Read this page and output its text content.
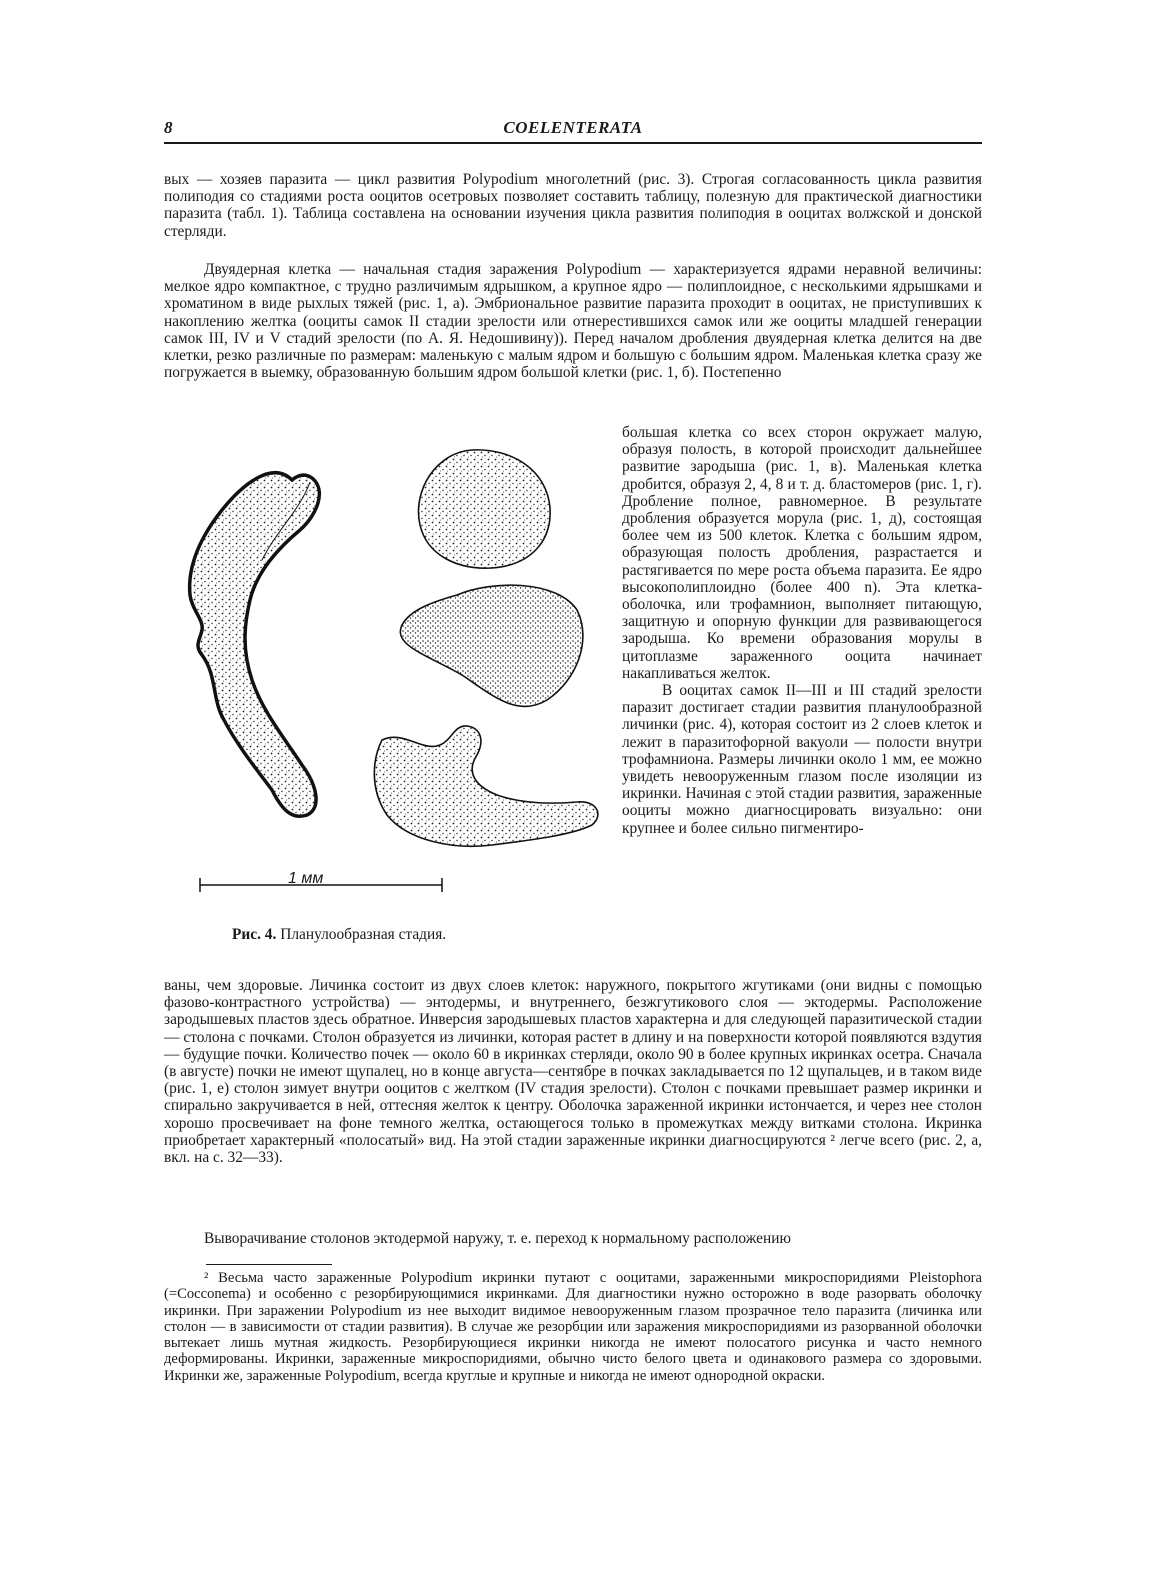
8	COELENTERATA

вых — хозяев паразита — цикл развития Polypodium многолетний (рис. 3). Строгая согласованность цикла развития полиподия со стадиями роста ооцитов осетровых позволяет составить таблицу, полезную для практической диагностики паразита (табл. 1). Таблица составлена на основании изучения цикла развития полиподия в ооцитах волжской и донской стерляди.

Двуядерная клетка — начальная стадия заражения Polypodium — характеризуется ядрами неравной величины: мелкое ядро компактное, с трудно различимым ядрышком, а крупное ядро — полиплоидное, с несколькими ядрышками и хроматином в виде рыхлых тяжей (рис. 1, а). Эмбриональное развитие паразита проходит в ооцитах, не приступивших к накоплению желтка (ооциты самок II стадии зрелости или отнерестившихся самок или же ооциты младшей генерации самок III, IV и V стадий зрелости (по А. Я. Недошивину)). Перед началом дробления двуядерная клетка делится на две клетки, резко различные по размерам: маленькую с малым ядром и большую с большим ядром. Маленькая клетка сразу же погружается в выемку, образованную большим ядром большой клетки (рис. 1, б). Постепенно

большая клетка со всех сторон окружает малую, образуя полость, в которой происходит дальнейшее развитие зародыша (рис. 1, в). Маленькая клетка дробится, образуя 2, 4, 8 и т. д. бластомеров (рис. 1, г). Дробление полное, равномерное. В результате дробления образуется морула (рис. 1, д), состоящая более чем из 500 клеток. Клетка с большим ядром, образующая полость дробления, разрастается и растягивается по мере роста объема паразита. Ее ядро высокополиплоидно (более 400 n). Эта клетка-оболочка, или трофамнион, выполняет питающую, защитную и опорную функции для развивающегося зародыша. Ко времени образования морулы в цитоплазме зараженного ооцита начинает накапливаться желток.

В ооцитах самок II—III и III стадий зрелости паразит достигает стадии развития планулообразной личинки (рис. 4), которая состоит из 2 слоев клеток и лежит в паразитофорной вакуоли — полости внутри трофамниона. Размеры личинки около 1 мм, ее можно увидеть невооруженным глазом после изоляции из икринки. Начиная с этой стадии развития, зараженные ооциты можно диагносцировать визуально: они крупнее и более сильно пигментиро-

1 мм
Рис. 4. Планулообразная стадия.

ваны, чем здоровые. Личинка состоит из двух слоев клеток: наружного, покрытого жгутиками (они видны с помощью фазово-контрастного устройства) — энтодермы, и внутреннего, безжгутикового слоя — эктодермы. Расположение зародышевых пластов здесь обратное. Инверсия зародышевых пластов характерна и для следующей паразитической стадии — столона с почками. Столон образуется из личинки, которая растет в длину и на поверхности которой появляются вздутия — будущие почки. Количество почек — около 60 в икринках стерляди, около 90 в более крупных икринках осетра. Сначала (в августе) почки не имеют щупалец, но в конце августа—сентябре в почках закладывается по 12 щупальцев, и в таком виде (рис. 1, е) столон зимует внутри ооцитов с желтком (IV стадия зрелости). Столон с почками превышает размер икринки и спирально закручивается в ней, оттесняя желток к центру. Оболочка зараженной икринки истончается, и через нее столон хорошо просвечивает на фоне темного желтка, остающегося только в промежутках между витками столона. Икринка приобретает характерный «полосатый» вид. На этой стадии зараженные икринки диагносцируются ² легче всего (рис. 2, а, вкл. на с. 32—33).

Выворачивание столонов эктодермой наружу, т. е. переход к нормальному расположению

² Весьма часто зараженные Polypodium икринки путают с ооцитами, зараженными микроспоридиями Pleistophora (=Cocconema) и особенно с резорбирующимися икринками. Для диагностики нужно осторожно в воде разорвать оболочку икринки. При заражении Polypodium из нее выходит видимое невооруженным глазом прозрачное тело паразита (личинка или столон — в зависимости от стадии развития). В случае же резорбции или заражения микроспоридиями из разорванной оболочки вытекает лишь мутная жидкость. Резорбирующиеся икринки никогда не имеют полосатого рисунка и часто немного деформированы. Икринки, зараженные микроспоридиями, обычно чисто белого цвета и одинакового размера со здоровыми. Икринки же, зараженные Polypodium, всегда круглые и крупные и никогда не имеют однородной окраски.
